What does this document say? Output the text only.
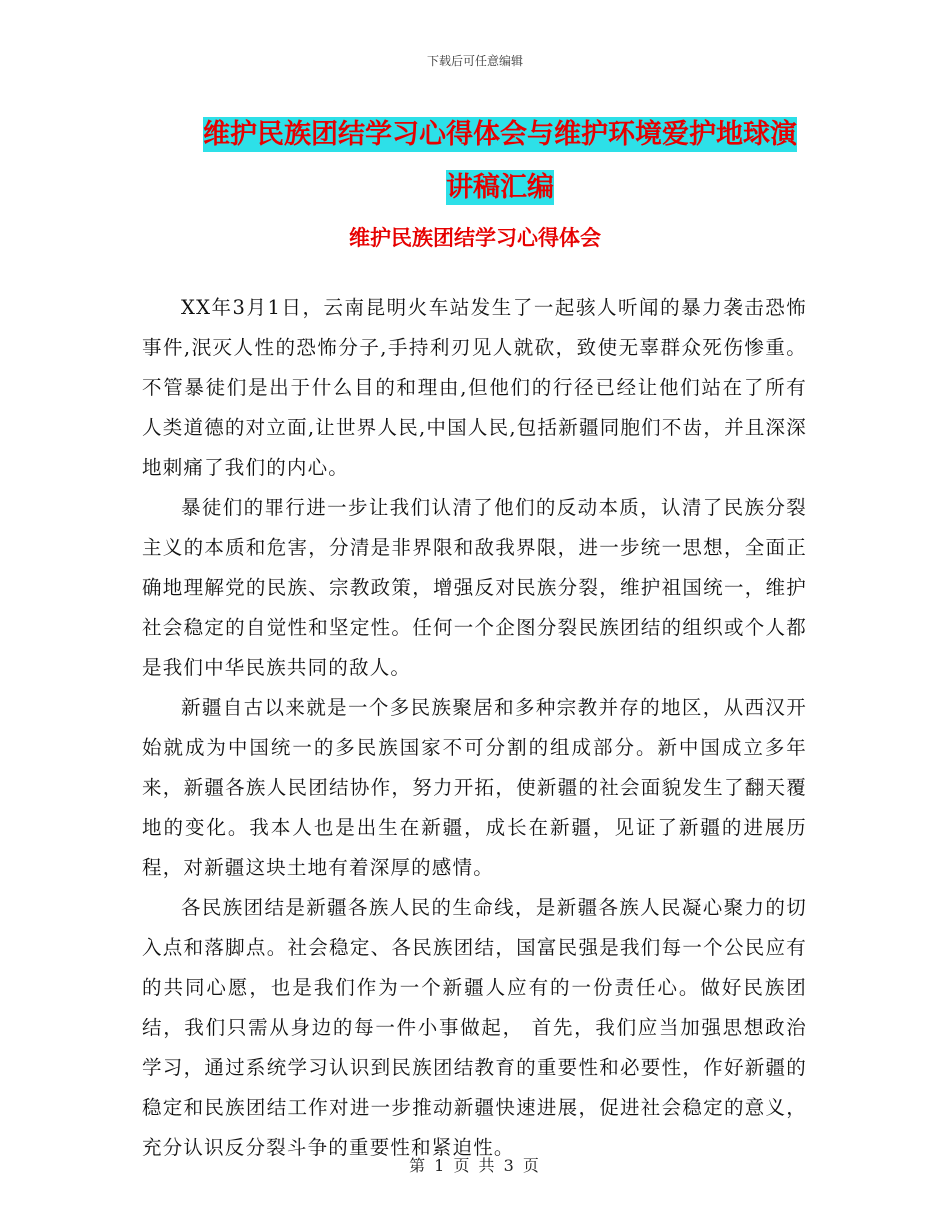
下载后可任意编辑
维护民族团结学习心得体会与维护环境爱护地球演讲稿汇编
维护民族团结学习心得体会

XX年3月1日，云南昆明火车站发生了一起骇人听闻的暴力袭击恐怖事件,泯灭人性的恐怖分子,手持利刃见人就砍，致使无辜群众死伤惨重。不管暴徒们是出于什么目的和理由,但他们的行径已经让他们站在了所有人类道德的对立面,让世界人民,中国人民,包括新疆同胞们不齿，并且深深地刺痛了我们的内心。

暴徒们的罪行进一步让我们认清了他们的反动本质，认清了民族分裂主义的本质和危害，分清是非界限和敌我界限，进一步统一思想，全面正确地理解党的民族、宗教政策，增强反对民族分裂，维护祖国统一，维护社会稳定的自觉性和坚定性。任何一个企图分裂民族团结的组织或个人都是我们中华民族共同的敌人。

新疆自古以来就是一个多民族聚居和多种宗教并存的地区，从西汉开始就成为中国统一的多民族国家不可分割的组成部分。新中国成立多年来，新疆各族人民团结协作，努力开拓，使新疆的社会面貌发生了翻天覆地的变化。我本人也是出生在新疆，成长在新疆，见证了新疆的进展历程，对新疆这块土地有着深厚的感情。

各民族团结是新疆各族人民的生命线，是新疆各族人民凝心聚力的切入点和落脚点。社会稳定、各民族团结，国富民强是我们每一个公民应有的共同心愿，也是我们作为一个新疆人应有的一份责任心。做好民族团结，我们只需从身边的每一件小事做起， 首先，我们应当加强思想政治学习，通过系统学习认识到民族团结教育的重要性和必要性，作好新疆的稳定和民族团结工作对进一步推动新疆快速进展，促进社会稳定的意义，充分认识反分裂斗争的重要性和紧迫性。

第 1 页 共 3 页
